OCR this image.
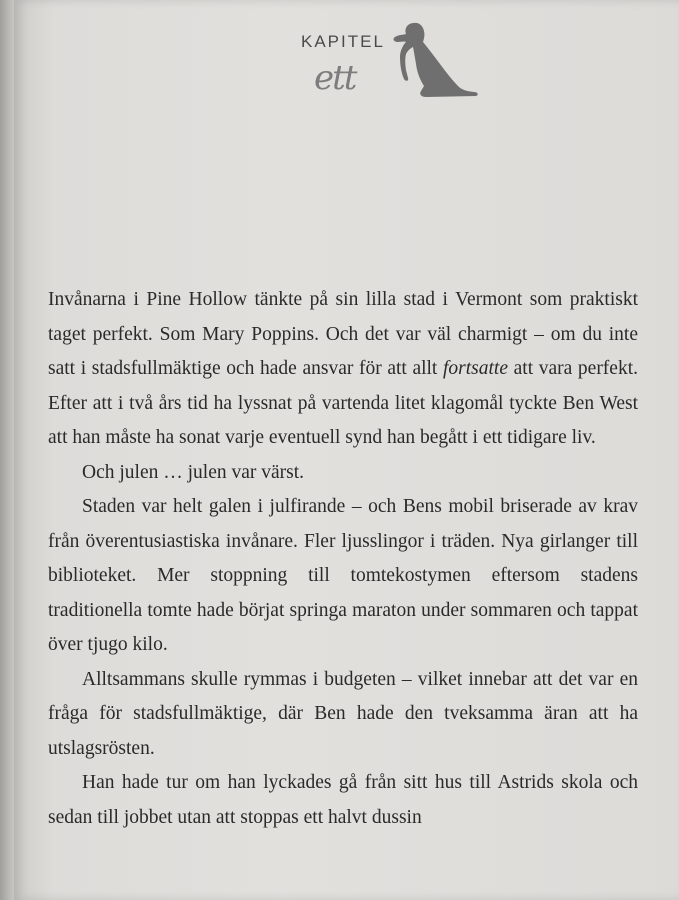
KAPITEL
ett

Invånarna i Pine Hollow tänkte på sin lilla stad i Vermont som praktiskt taget perfekt. Som Mary Poppins. Och det var väl charmigt – om du inte satt i stadsfullmäktige och hade ansvar för att allt fortsatte att vara perfekt. Efter att i två års tid ha lyssnat på vartenda litet klagomål tyckte Ben West att han måste ha sonat varje eventuell synd han begått i ett tidigare liv.

Och julen … julen var värst.

Staden var helt galen i julfirande – och Bens mobil briserade av krav från överentusiastiska invånare. Fler ljusslingor i träden. Nya girlanger till biblioteket. Mer stoppning till tomtekostymen eftersom stadens traditionella tomte hade börjat springa maraton under sommaren och tappat över tjugo kilo.

Alltsammans skulle rymmas i budgeten – vilket innebar att det var en fråga för stadsfullmäktige, där Ben hade den tveksamma äran att ha utslagsrösten.

Han hade tur om han lyckades gå från sitt hus till Astrids skola och sedan till jobbet utan att stoppas ett halvt dussin
